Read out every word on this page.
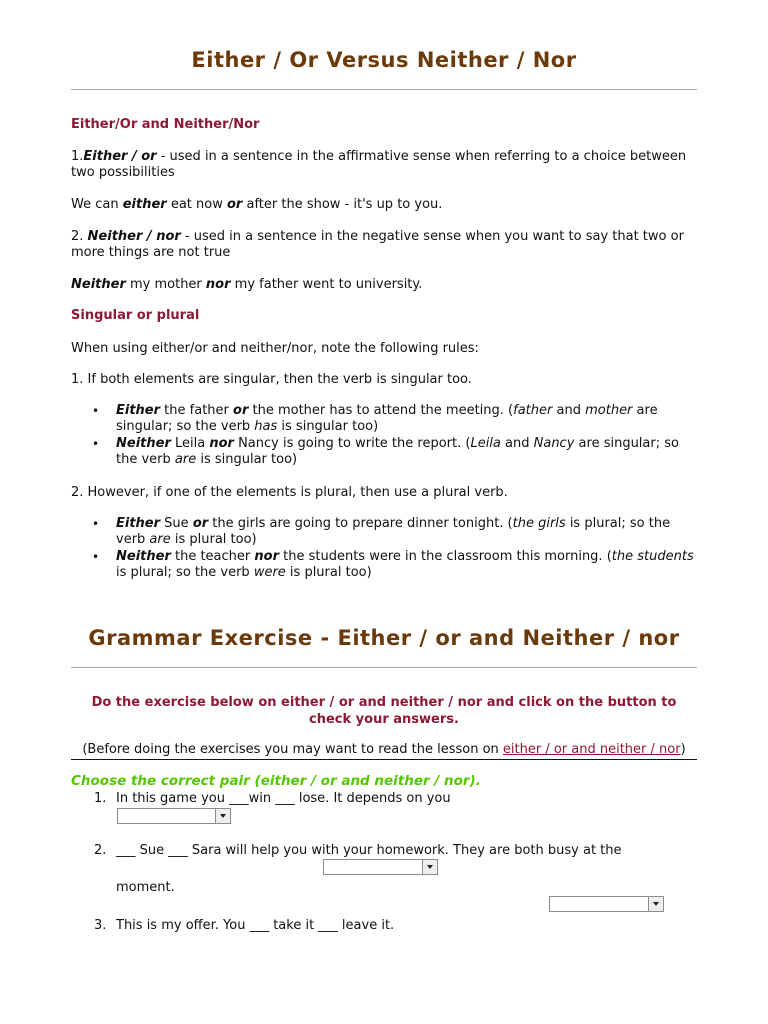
Either / Or Versus Neither / Nor
Either/Or and Neither/Nor
1.Either / or - used in a sentence in the affirmative sense when referring to a choice between two possibilities
We can either eat now or after the show - it's up to you.
2. Neither / nor - used in a sentence in the negative sense when you want to say that two or more things are not true
Neither my mother nor my father went to university.
Singular or plural
When using either/or and neither/nor, note the following rules:
1. If both elements are singular, then the verb is singular too.
• Either the father or the mother has to attend the meeting. (father and mother are singular; so the verb has is singular too)
• Neither Leila nor Nancy is going to write the report. (Leila and Nancy are singular; so the verb are is singular too)
2. However, if one of the elements is plural, then use a plural verb.
• Either Sue or the girls are going to prepare dinner tonight. (the girls is plural; so the verb are is plural too)
• Neither the teacher nor the students were in the classroom this morning. (the students is plural; so the verb were is plural too)
Grammar Exercise - Either / or and Neither / nor
Do the exercise below on either / or and neither / nor and click on the button to check your answers.
(Before doing the exercises you may want to read the lesson on either / or and neither / nor)
Choose the correct pair (either / or and neither / nor).
1. In this game you ___win ___ lose. It depends on you
2. ___ Sue ___ Sara will help you with your homework. They are both busy at the
moment.
3. This is my offer. You ___ take it ___ leave it.
